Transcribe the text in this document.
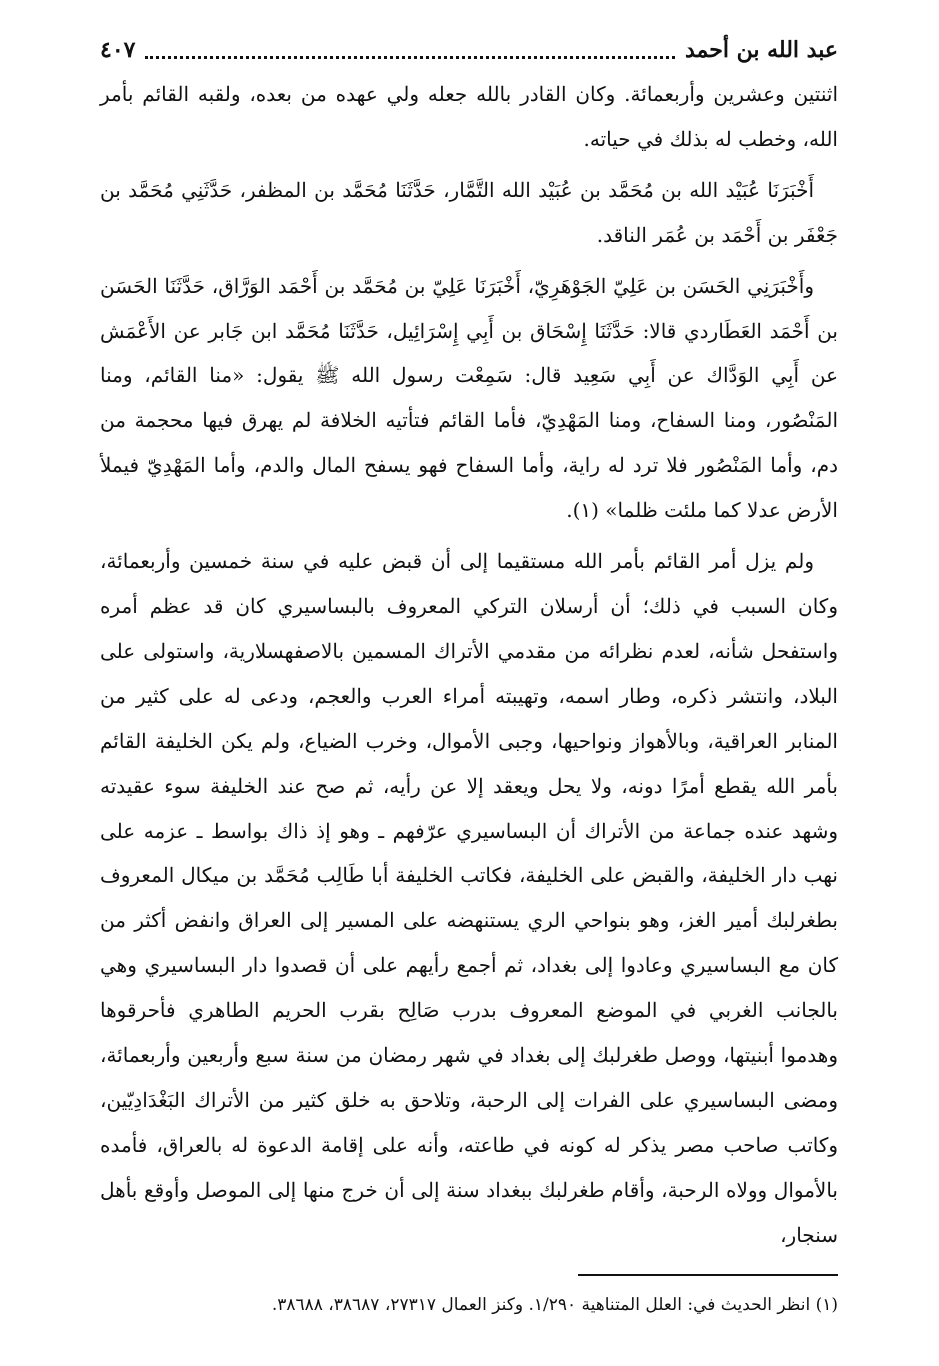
عبد الله بن أحمد
٤٠٧

اثنتين وعشرين وأربعمائة. وكان القادر بالله جعله ولي عهده من بعده، ولقبه القائم بأمر الله، وخطب له بذلك في حياته.

أَخْبَرَنَا عُبَيْد الله بن مُحَمَّد بن عُبَيْد الله التَّمَّار، حَدَّثَنَا مُحَمَّد بن المظفر، حَدَّثَنِي مُحَمَّد بن جَعْفَر بن أَحْمَد بن عُمَر الناقد.

وأَخْبَرَنِي الحَسَن بن عَلِيّ الجَوْهَرِيّ، أَخْبَرَنَا عَلِيّ بن مُحَمَّد بن أَحْمَد الوَرَّاق، حَدَّثَنَا الحَسَن بن أَحْمَد العَطَاردي قالا: حَدَّثَنَا إِسْحَاق بن أَبِي إِسْرَائِيل، حَدَّثَنَا مُحَمَّد ابن جَابر عن الأَعْمَش عن أَبِي الوَدَّاك عن أَبِي سَعِيد قال: سَمِعْت رسول الله ﷺ يقول: «منا القائم، ومنا المَنْصُور، ومنا السفاح، ومنا المَهْدِيّ، فأما القائم فتأتيه الخلافة لم يهرق فيها محجمة من دم، وأما المَنْصُور فلا ترد له راية، وأما السفاح فهو يسفح المال والدم، وأما المَهْدِيّ فيملأ الأرض عدلا كما ملئت ظلما» (١).

ولم يزل أمر القائم بأمر الله مستقيما إلى أن قبض عليه في سنة خمسين وأربعمائة، وكان السبب في ذلك؛ أن أرسلان التركي المعروف بالبساسيري كان قد عظم أمره واستفحل شأنه، لعدم نظرائه من مقدمي الأتراك المسمين بالاصفهسلارية، واستولى على البلاد، وانتشر ذكره، وطار اسمه، وتهيبته أمراء العرب والعجم، ودعى له على كثير من المنابر العراقية، وبالأهواز ونواحيها، وجبى الأموال، وخرب الضياع، ولم يكن الخليفة القائم بأمر الله يقطع أمرًا دونه، ولا يحل ويعقد إلا عن رأيه، ثم صح عند الخليفة سوء عقيدته وشهد عنده جماعة من الأتراك أن البساسيري عرّفهم ـ وهو إذ ذاك بواسط ـ عزمه على نهب دار الخليفة، والقبض على الخليفة، فكاتب الخليفة أبا طَالِب مُحَمَّد بن ميكال المعروف بطغرلبك أمير الغز، وهو بنواحي الري يستنهضه على المسير إلى العراق وانفض أكثر من كان مع البساسيري وعادوا إلى بغداد، ثم أجمع رأيهم على أن قصدوا دار البساسيري وهي بالجانب الغربي في الموضع المعروف بدرب صَالِح بقرب الحريم الطاهري فأحرقوها وهدموا أبنيتها، ووصل طغرلبك إلى بغداد في شهر رمضان من سنة سبع وأربعين وأربعمائة، ومضى البساسيري على الفرات إلى الرحبة، وتلاحق به خلق كثير من الأتراك البَغْدَادِيّين، وكاتب صاحب مصر يذكر له كونه في طاعته، وأنه على إقامة الدعوة له بالعراق، فأمده بالأموال وولاه الرحبة، وأقام طغرلبك ببغداد سنة إلى أن خرج منها إلى الموصل وأوقع بأهل سنجار،

(١) انظر الحديث في: العلل المتناهية ١/٢٩٠. وكنز العمال ٢٧٣١٧، ٣٨٦٨٧، ٣٨٦٨٨.
